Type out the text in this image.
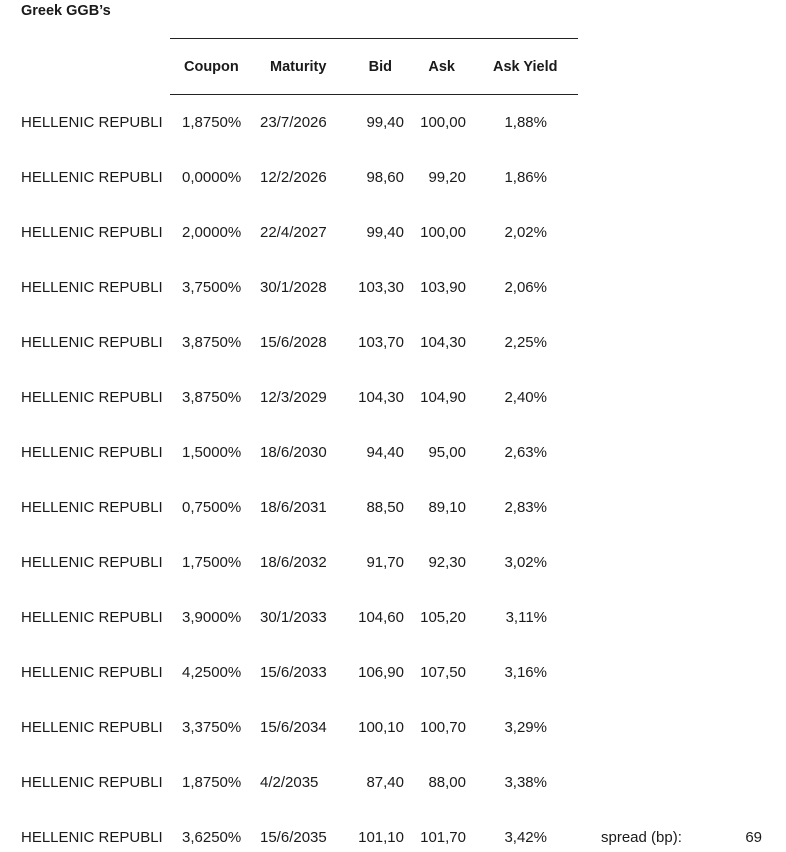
Greek GGB’s
Coupon Maturity	Bid	Ask	Ask Yield
HELLENIC REPUBLI 1,8750% 23/7/2026	99,40 100,00	1,88%
HELLENIC REPUBLI 0,0000% 12/2/2026	98,60 99,20	1,86%
HELLENIC REPUBLI 2,0000% 22/4/2027	99,40 100,00	2,02%
HELLENIC REPUBLI 3,7500% 30/1/2028 103,30 103,90	2,06%
HELLENIC REPUBLI 3,8750% 15/6/2028 103,70 104,30	2,25%
HELLENIC REPUBLI 3,8750% 12/3/2029 104,30 104,90	2,40%
HELLENIC REPUBLI 1,5000% 18/6/2030	94,40 95,00	2,63%
HELLENIC REPUBLI 0,7500% 18/6/2031	88,50 89,10	2,83%
HELLENIC REPUBLI 1,7500% 18/6/2032	91,70 92,30	3,02%
HELLENIC REPUBLI 3,9000% 30/1/2033 104,60 105,20	3,11%
HELLENIC REPUBLI 4,2500% 15/6/2033 106,90 107,50	3,16%
HELLENIC REPUBLI 3,3750% 15/6/2034 100,10 100,70	3,29%
HELLENIC REPUBLI 1,8750% 4/2/2035	87,40 88,00	3,38%
HELLENIC REPUBLI 3,6250% 15/6/2035 101,10 101,70	3,42%	spread (bp):	69
